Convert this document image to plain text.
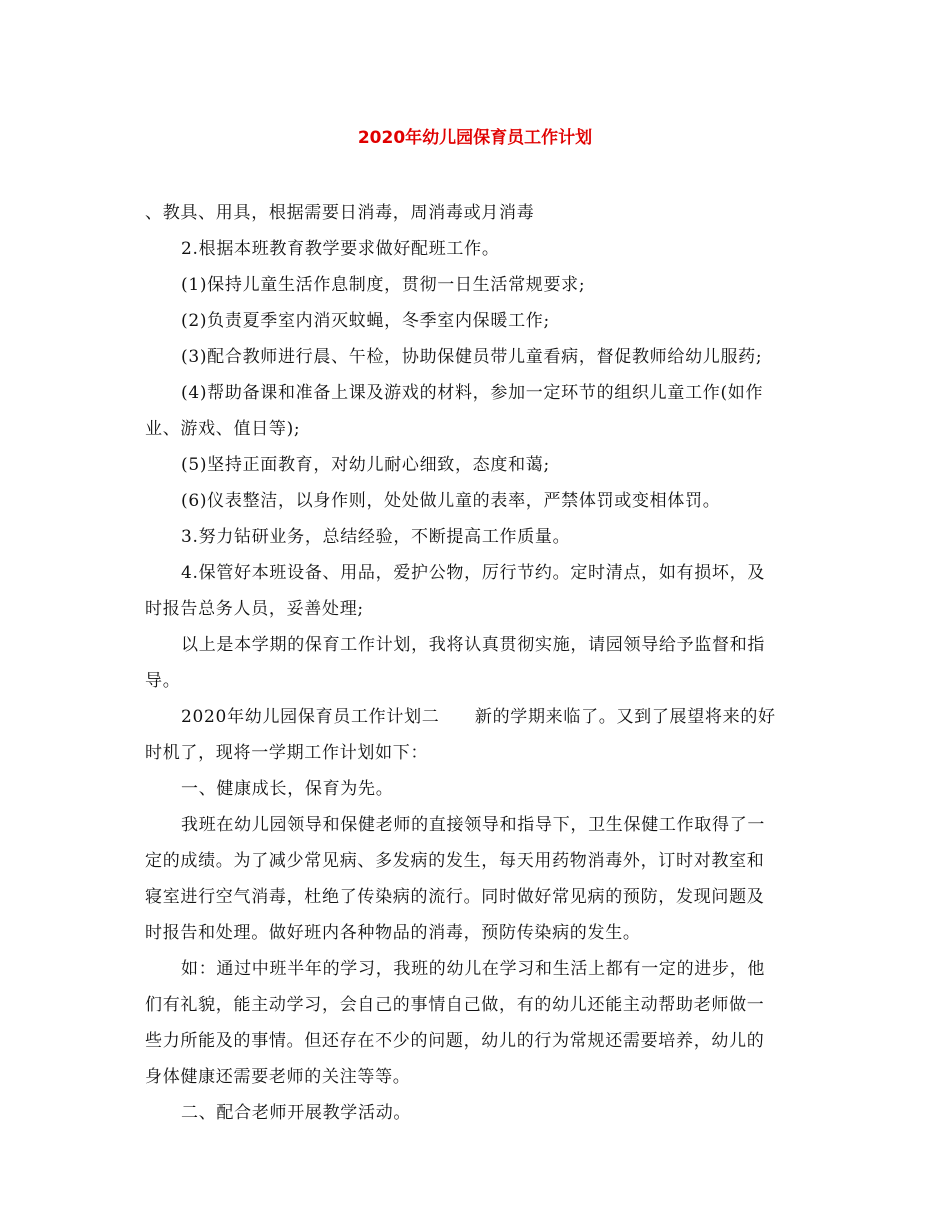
2020年幼儿园保育员工作计划
、教具、用具，根据需要日消毒，周消毒或月消毒
2.根据本班教育教学要求做好配班工作。
(1)保持儿童生活作息制度，贯彻一日生活常规要求;
(2)负责夏季室内消灭蚊蝇，冬季室内保暖工作;
(3)配合教师进行晨、午检，协助保健员带儿童看病，督促教师给幼儿服药;
(4)帮助备课和准备上课及游戏的材料，参加一定环节的组织儿童工作(如作
业、游戏、值日等);
(5)坚持正面教育，对幼儿耐心细致，态度和蔼;
(6)仪表整洁，以身作则，处处做儿童的表率，严禁体罚或变相体罚。
3.努力钻研业务，总结经验，不断提高工作质量。
4.保管好本班设备、用品，爱护公物，厉行节约。定时清点，如有损坏，及
时报告总务人员，妥善处理;
以上是本学期的保育工作计划，我将认真贯彻实施，请园领导给予监督和指
导。
2020年幼儿园保育员工作计划二　　新的学期来临了。又到了展望将来的好
时机了，现将一学期工作计划如下：
一、健康成长，保育为先。
我班在幼儿园领导和保健老师的直接领导和指导下，卫生保健工作取得了一
定的成绩。为了减少常见病、多发病的发生，每天用药物消毒外，订时对教室和
寝室进行空气消毒，杜绝了传染病的流行。同时做好常见病的预防，发现问题及
时报告和处理。做好班内各种物品的消毒，预防传染病的发生。
如：通过中班半年的学习，我班的幼儿在学习和生活上都有一定的进步，他
们有礼貌，能主动学习，会自己的事情自己做，有的幼儿还能主动帮助老师做一
些力所能及的事情。但还存在不少的问题，幼儿的行为常规还需要培养，幼儿的
身体健康还需要老师的关注等等。
二、配合老师开展教学活动。
